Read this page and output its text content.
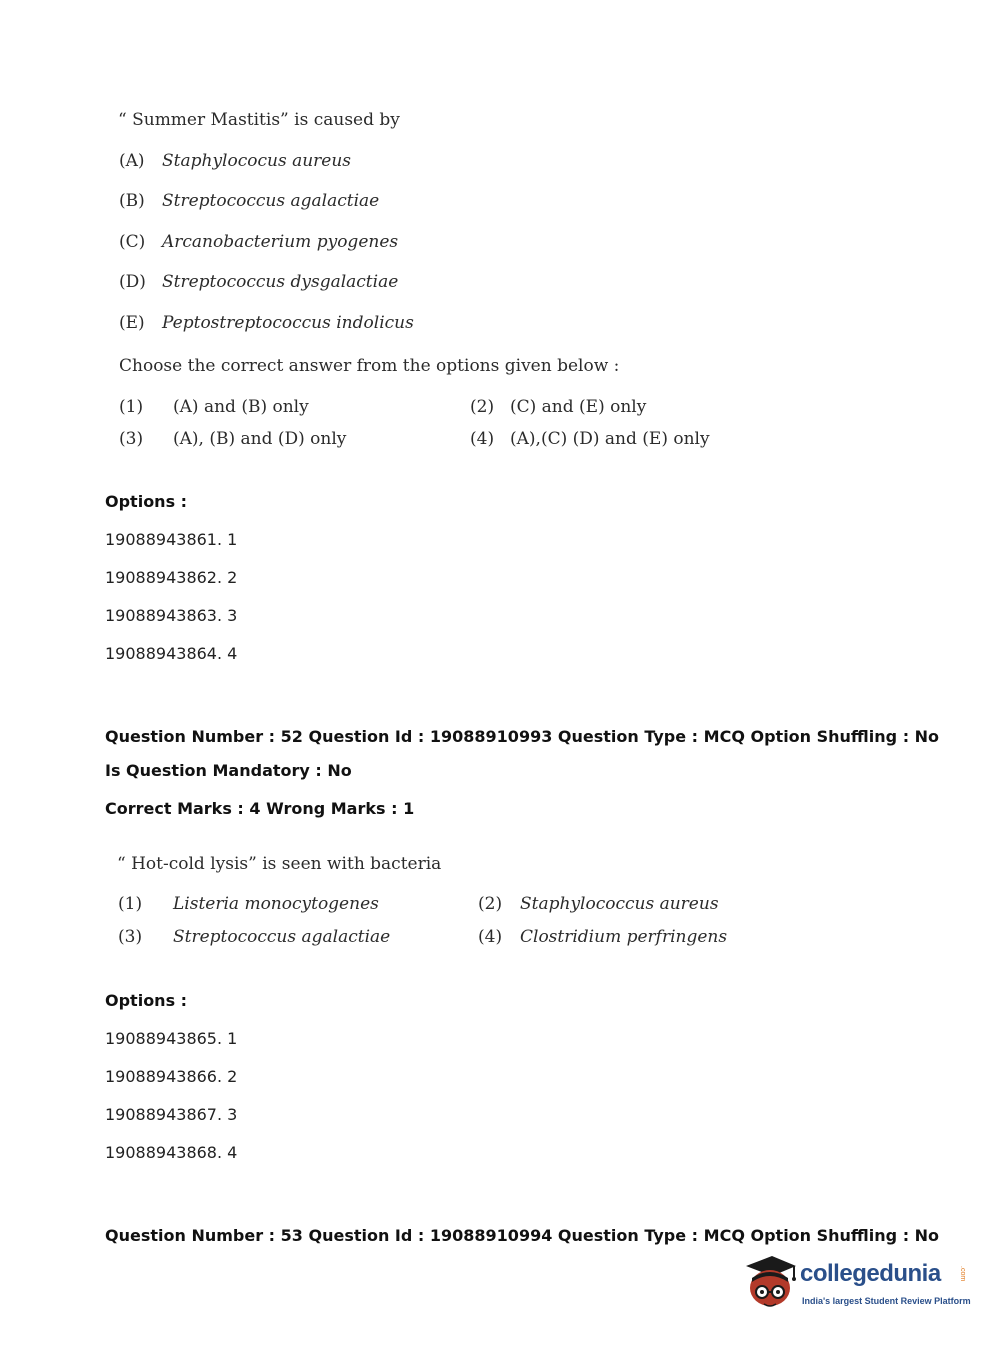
“ Summer Mastitis” is caused by
(A) Staphylococus aureus
(B) Streptococcus agalactiae
(C) Arcanobacterium pyogenes
(D) Streptococcus dysgalactiae
(E) Peptostreptococcus indolicus
Choose the correct answer from the options given below :
(1) (A) and (B) only	(2) (C) and (E) only
(3) (A), (B) and (D) only	(4) (A),(C) (D) and (E) only
Options :
19088943861. 1
19088943862. 2
19088943863. 3
19088943864. 4
Question Number : 52 Question Id : 19088910993 Question Type : MCQ Option Shuffling : No
Is Question Mandatory : No
Correct Marks : 4 Wrong Marks : 1
“ Hot-cold lysis” is seen with bacteria
(1) Listeria monocytogenes	(2) Staphylococcus aureus
(3) Streptococcus agalactiae	(4) Clostridium perfringens
Options :
19088943865. 1
19088943866. 2
19088943867. 3
19088943868. 4
Question Number : 53 Question Id : 19088910994 Question Type : MCQ Option Shuffling : No
collegedunia	.com
India's largest Student Review Platform
